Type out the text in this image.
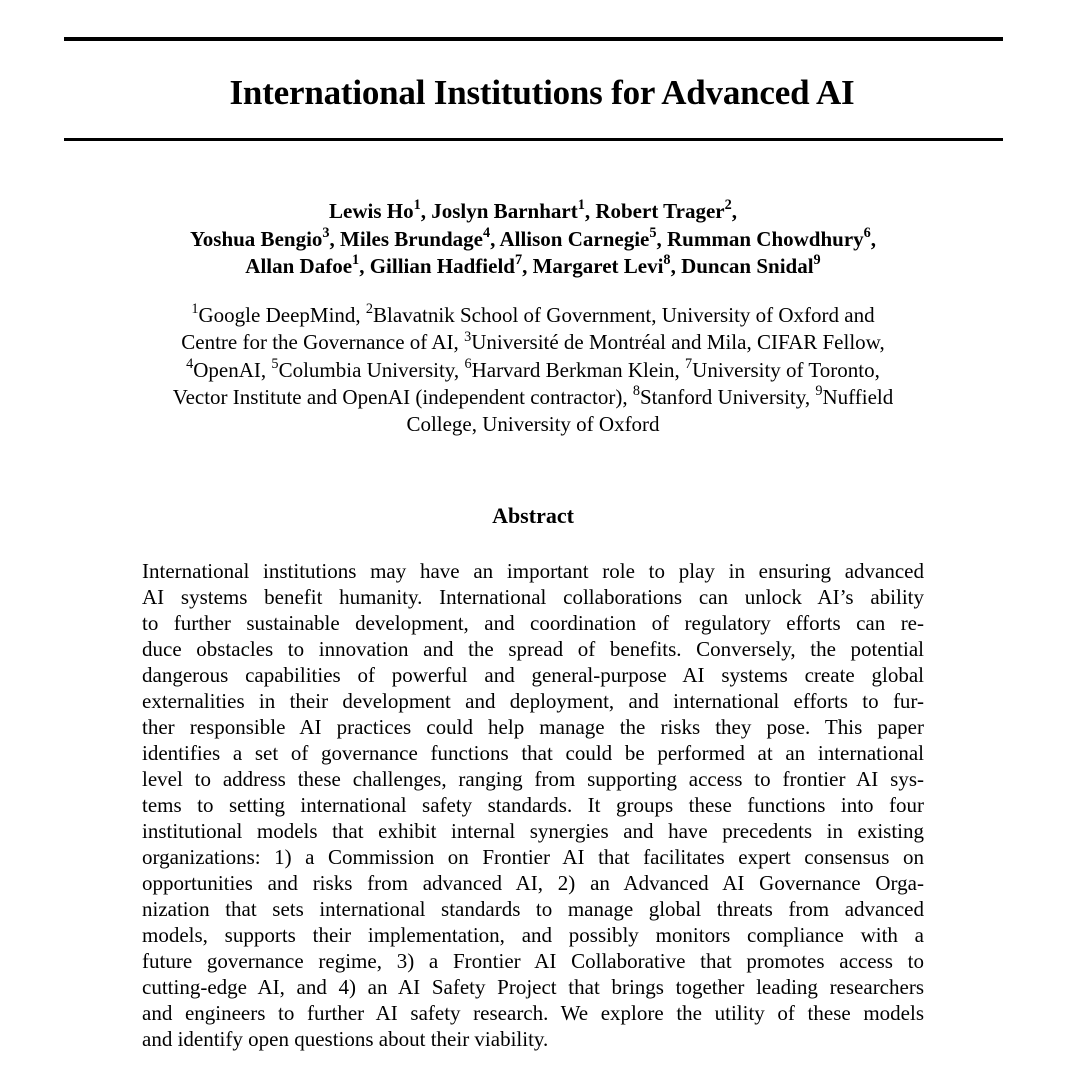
International Institutions for Advanced AI
Lewis Ho$^1$, Joslyn Barnhart$^1$, Robert Trager$^2$,
Yoshua Bengio$^3$, Miles Brundage$^4$, Allison Carnegie$^5$, Rumman Chowdhury$^6$,
Allan Dafoe$^1$, Gillian Hadfield$^7$, Margaret Levi$^8$, Duncan Snidal$^9$
$^1$Google DeepMind, $^2$Blavatnik School of Government, University of Oxford and
Centre for the Governance of AI, $^3$Université de Montréal and Mila, CIFAR Fellow,
$^4$OpenAI, $^5$Columbia University, $^6$Harvard Berkman Klein, $^7$University of Toronto,
Vector Institute and OpenAI (independent contractor), $^8$Stanford University, $^9$Nuffield
College, University of Oxford
Abstract
International institutions may have an important role to play in ensuring advanced
AI systems benefit humanity. International collaborations can unlock AI’s ability
to further sustainable development, and coordination of regulatory efforts can re-
duce obstacles to innovation and the spread of benefits. Conversely, the potential
dangerous capabilities of powerful and general-purpose AI systems create global
externalities in their development and deployment, and international efforts to fur-
ther responsible AI practices could help manage the risks they pose. This paper
identifies a set of governance functions that could be performed at an international
level to address these challenges, ranging from supporting access to frontier AI sys-
tems to setting international safety standards. It groups these functions into four
institutional models that exhibit internal synergies and have precedents in existing
organizations: 1) a Commission on Frontier AI that facilitates expert consensus on
opportunities and risks from advanced AI, 2) an Advanced AI Governance Orga-
nization that sets international standards to manage global threats from advanced
models, supports their implementation, and possibly monitors compliance with a
future governance regime, 3) a Frontier AI Collaborative that promotes access to
cutting-edge AI, and 4) an AI Safety Project that brings together leading researchers
and engineers to further AI safety research. We explore the utility of these models
and identify open questions about their viability.
